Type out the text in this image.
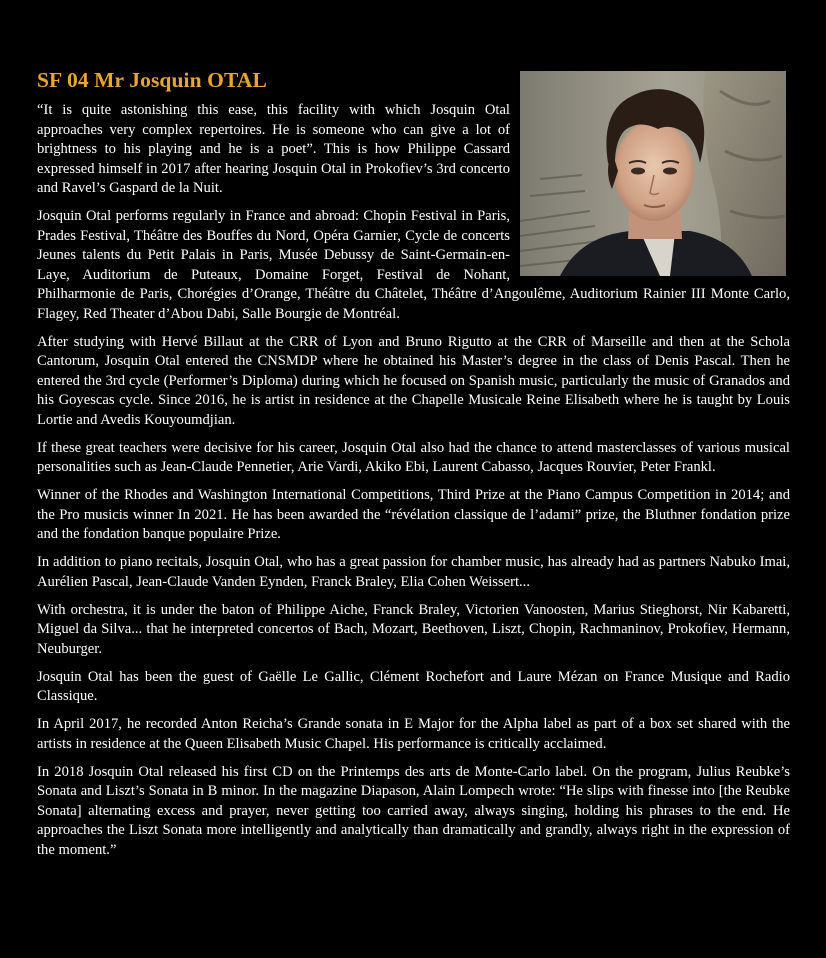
SF 04 Mr Josquin OTAL

“It is quite astonishing this ease, this facility with which Josquin Otal approaches very complex repertoires. He is someone who can give a lot of brightness to his playing and he is a poet”. This is how Philippe Cassard expressed himself in 2017 after hearing Josquin Otal in Prokofiev’s 3rd concerto and Ravel’s Gaspard de la Nuit.

Josquin Otal performs regularly in France and abroad: Chopin Festival in Paris, Prades Festival, Théâtre des Bouffes du Nord, Opéra Garnier, Cycle de concerts Jeunes talents du Petit Palais in Paris, Musée Debussy de Saint-Germain-en-Laye, Auditorium de Puteaux, Domaine Forget, Festival de Nohant, Philharmonie de Paris, Chorégies d’Orange, Théâtre du Châtelet, Théâtre d’Angoulême, Auditorium Rainier III Monte Carlo, Flagey, Red Theater d’Abou Dabi, Salle Bourgie de Montréal.

After studying with Hervé Billaut at the CRR of Lyon and Bruno Rigutto at the CRR of Marseille and then at the Schola Cantorum, Josquin Otal entered the CNSMDP where he obtained his Master’s degree in the class of Denis Pascal. Then he entered the 3rd cycle (Performer’s Diploma) during which he focused on Spanish music, particularly the music of Granados and his Goyescas cycle. Since 2016, he is artist in residence at the Chapelle Musicale Reine Elisabeth where he is taught by Louis Lortie and Avedis Kouyoumdjian.

If these great teachers were decisive for his career, Josquin Otal also had the chance to attend masterclasses of various musical personalities such as Jean-Claude Pennetier, Arie Vardi, Akiko Ebi, Laurent Cabasso, Jacques Rouvier, Peter Frankl.

Winner of the Rhodes and Washington International Competitions, Third Prize at the Piano Campus Competition in 2014; and the Pro musicis winner In 2021. He has been awarded the “révélation classique de l’adami” prize, the Bluthner fondation prize and the fondation banque populaire Prize.

In addition to piano recitals, Josquin Otal, who has a great passion for chamber music, has already had as partners Nabuko Imai, Aurélien Pascal, Jean-Claude Vanden Eynden, Franck Braley, Elia Cohen Weissert...

With orchestra, it is under the baton of Philippe Aiche, Franck Braley, Victorien Vanoosten, Marius Stieghorst, Nir Kabaretti, Miguel da Silva... that he interpreted concertos of Bach, Mozart, Beethoven, Liszt, Chopin, Rachmaninov, Prokofiev, Hermann, Neuburger.

Josquin Otal has been the guest of Gaëlle Le Gallic, Clément Rochefort and Laure Mézan on France Musique and Radio Classique.

In April 2017, he recorded Anton Reicha’s Grande sonata in E Major for the Alpha label as part of a box set shared with the artists in residence at the Queen Elisabeth Music Chapel. His performance is critically acclaimed.

In 2018 Josquin Otal released his first CD on the Printemps des arts de Monte-Carlo label. On the program, Julius Reubke’s Sonata and Liszt’s Sonata in B minor. In the magazine Diapason, Alain Lompech wrote: “He slips with finesse into [the Reubke Sonata] alternating excess and prayer, never getting too carried away, always singing, holding his phrases to the end. He approaches the Liszt Sonata more intelligently and analytically than dramatically and grandly, always right in the expression of the moment.”
